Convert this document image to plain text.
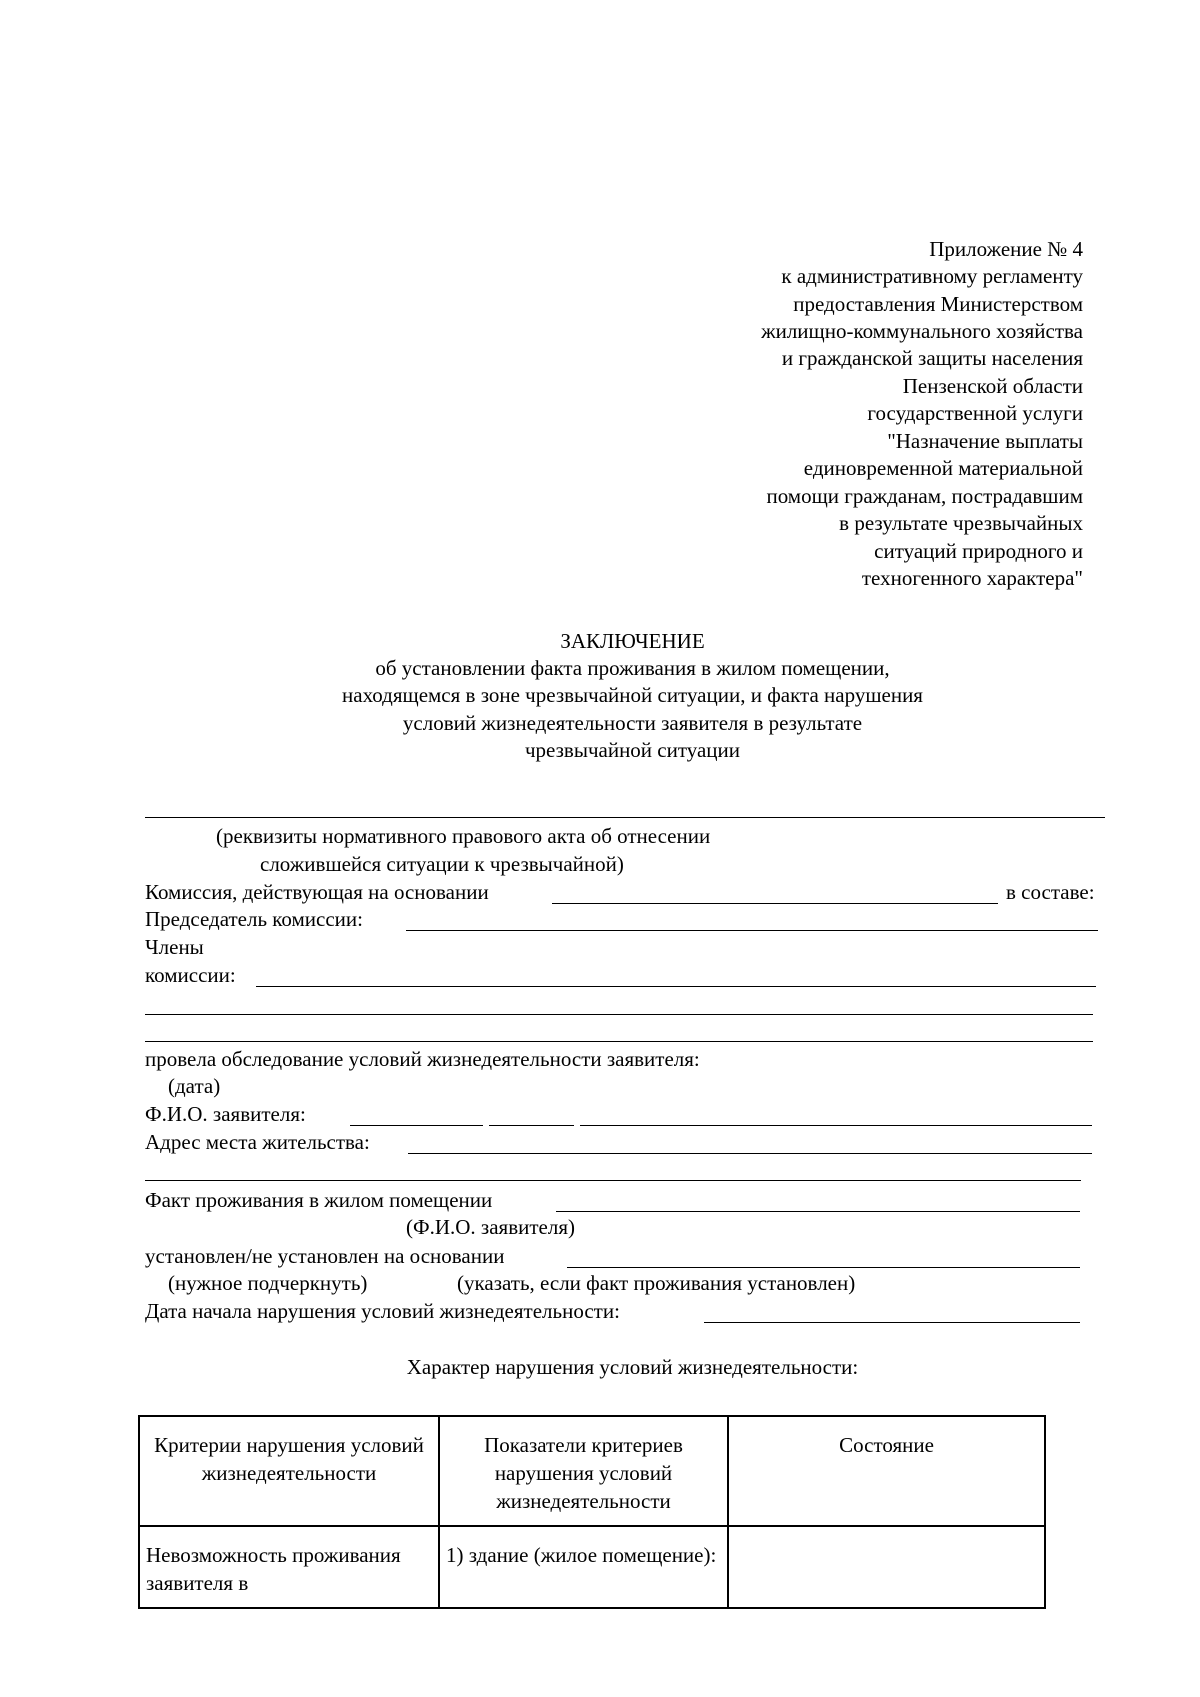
Приложение № 4
к административному регламенту
предоставления Министерством
жилищно-коммунального хозяйства
и гражданской защиты населения
Пензенской области
государственной услуги
"Назначение выплаты
единовременной материальной
помощи гражданам, пострадавшим
в результате чрезвычайных
ситуаций природного и
техногенного характера"
ЗАКЛЮЧЕНИЕ
об установлении факта проживания в жилом помещении,
находящемся в зоне чрезвычайной ситуации, и факта нарушения
условий жизнедеятельности заявителя в результате
чрезвычайной ситуации
(реквизиты нормативного правового акта об отнесении
сложившейся ситуации к чрезвычайной)
Комиссия, действующая на основании	в составе:
Председатель комиссии:
Члены
комиссии:
провела обследование условий жизнедеятельности заявителя:
(дата)
Ф.И.О. заявителя:
Адрес места жительства:
Факт проживания в жилом помещении
(Ф.И.О. заявителя)
установлен/не установлен на основании
(нужное подчеркнуть)	(указать, если факт проживания установлен)
Дата начала нарушения условий жизнедеятельности:
Характер нарушения условий жизнедеятельности:
Критерии нарушения условий жизнедеятельности	Показатели критериев нарушения условий жизнедеятельности	Состояние
Невозможность проживания заявителя в	1) здание (жилое помещение):	
